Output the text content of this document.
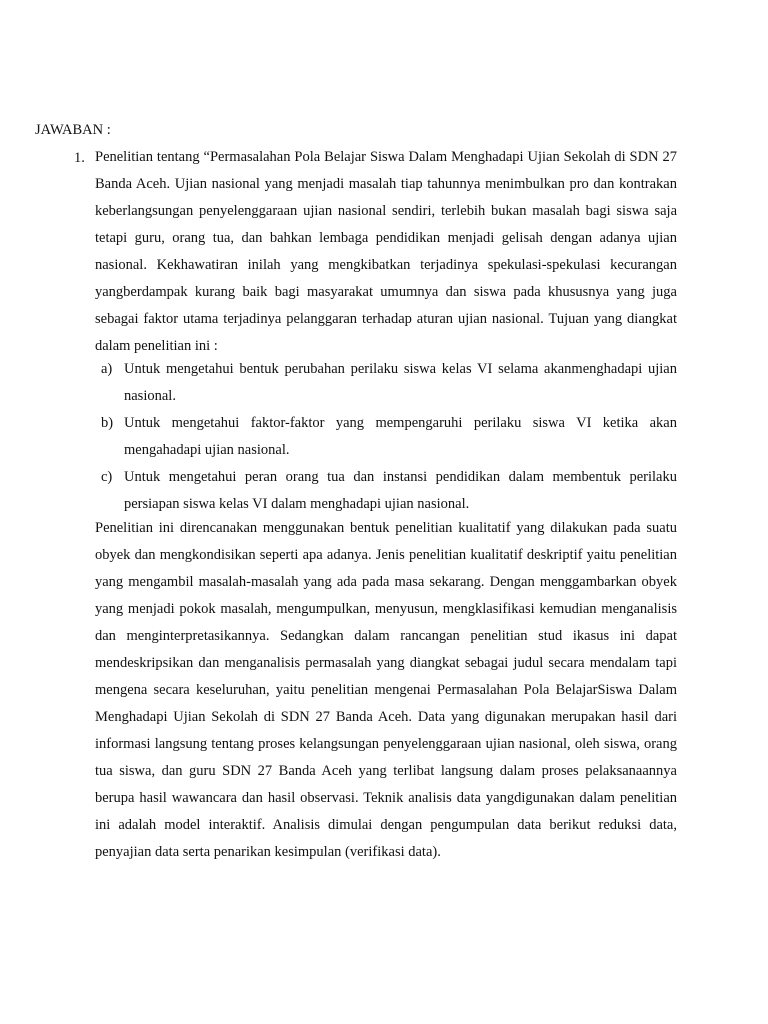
JAWABAN :
1. Penelitian tentang “Permasalahan Pola Belajar Siswa Dalam Menghadapi Ujian Sekolah di SDN 27 Banda Aceh. Ujian nasional yang menjadi masalah tiap tahunnya menimbulkan pro dan kontrakan keberlangsungan penyelenggaraan ujian nasional sendiri, terlebih bukan masalah bagi siswa saja tetapi guru, orang tua, dan bahkan lembaga pendidikan menjadi gelisah dengan adanya ujian nasional. Kekhawatiran inilah yang mengkibatkan terjadinya spekulasi-spekulasi kecurangan yangberdampak kurang baik bagi masyarakat umumnya dan siswa pada khususnya yang juga sebagai faktor utama terjadinya pelanggaran terhadap aturan ujian nasional. Tujuan yang diangkat dalam penelitian ini :
a) Untuk mengetahui bentuk perubahan perilaku siswa kelas VI selama akanmenghadapi ujian nasional.
b) Untuk mengetahui faktor-faktor yang mempengaruhi perilaku siswa VI ketika akan mengahadapi ujian nasional.
c) Untuk mengetahui peran orang tua dan instansi pendidikan dalam membentuk perilaku persiapan siswa kelas VI dalam menghadapi ujian nasional.
Penelitian ini direncanakan menggunakan bentuk penelitian kualitatif yang dilakukan pada suatu obyek dan mengkondisikan seperti apa adanya. Jenis penelitian kualitatif deskriptif yaitu penelitian yang mengambil masalah-masalah yang ada pada masa sekarang. Dengan menggambarkan obyek yang menjadi pokok masalah, mengumpulkan, menyusun, mengklasifikasi kemudian menganalisis dan menginterpretasikannya. Sedangkan dalam rancangan penelitian stud ikasus ini dapat mendeskripsikan dan menganalisis permasalah yang diangkat sebagai judul secara mendalam tapi mengena secara keseluruhan, yaitu penelitian mengenai Permasalahan Pola BelajarSiswa Dalam Menghadapi Ujian Sekolah di SDN 27 Banda Aceh. Data yang digunakan merupakan hasil dari informasi langsung tentang proses kelangsungan penyelenggaraan ujian nasional, oleh siswa, orang tua siswa, dan guru SDN 27 Banda Aceh yang terlibat langsung dalam proses pelaksanaannya berupa hasil wawancara dan hasil observasi. Teknik analisis data yangdigunakan dalam penelitian ini adalah model interaktif. Analisis dimulai dengan pengumpulan data berikut reduksi data, penyajian data serta penarikan kesimpulan (verifikasi data).
